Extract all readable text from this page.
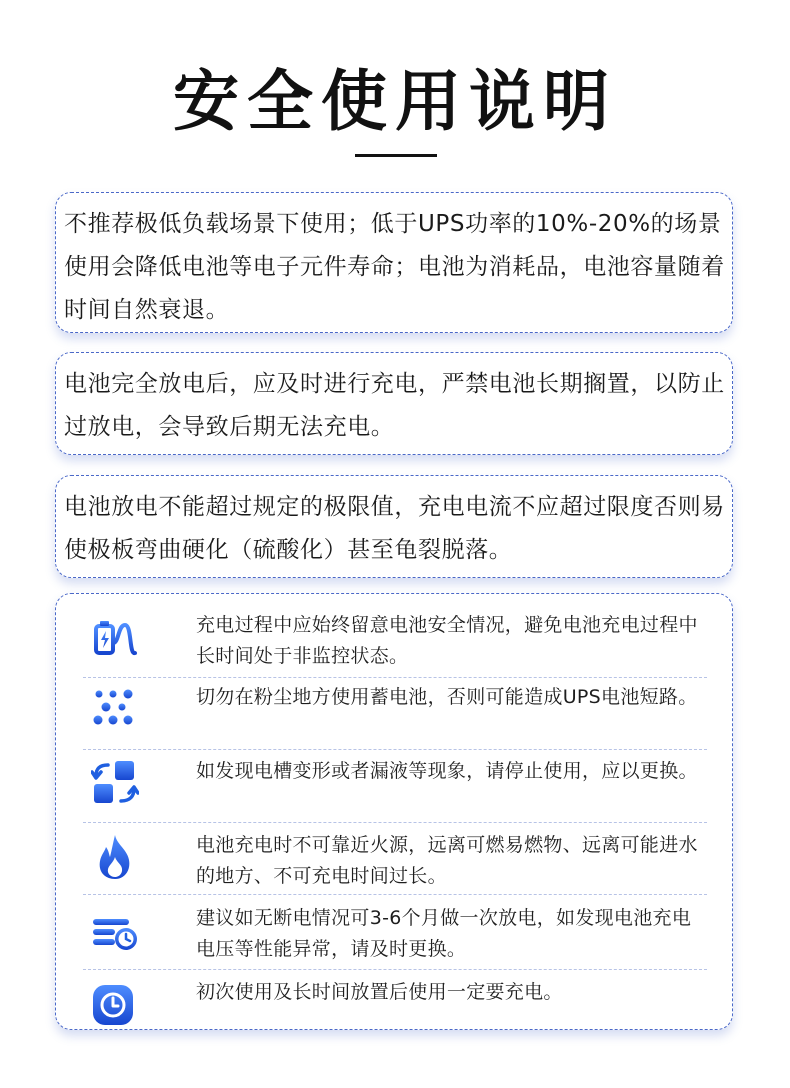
安全使用说明

不推荐极低负载场景下使用；低于UPS功率的10%-20%的场景使用会降低电池等电子元件寿命；电池为消耗品，电池容量随着时间自然衰退。

电池完全放电后，应及时进行充电，严禁电池长期搁置，以防止过放电，会导致后期无法充电。

电池放电不能超过规定的极限值，充电电流不应超过限度否则易使极板弯曲硬化（硫酸化）甚至龟裂脱落。

充电过程中应始终留意电池安全情况，避免电池充电过程中长时间处于非监控状态。
切勿在粉尘地方使用蓄电池，否则可能造成UPS电池短路。
如发现电槽变形或者漏液等现象，请停止使用，应以更换。
电池充电时不可靠近火源，远离可燃易燃物、远离可能进水的地方、不可充电时间过长。
建议如无断电情况可3-6个月做一次放电，如发现电池充电电压等性能异常，请及时更换。
初次使用及长时间放置后使用一定要充电。
